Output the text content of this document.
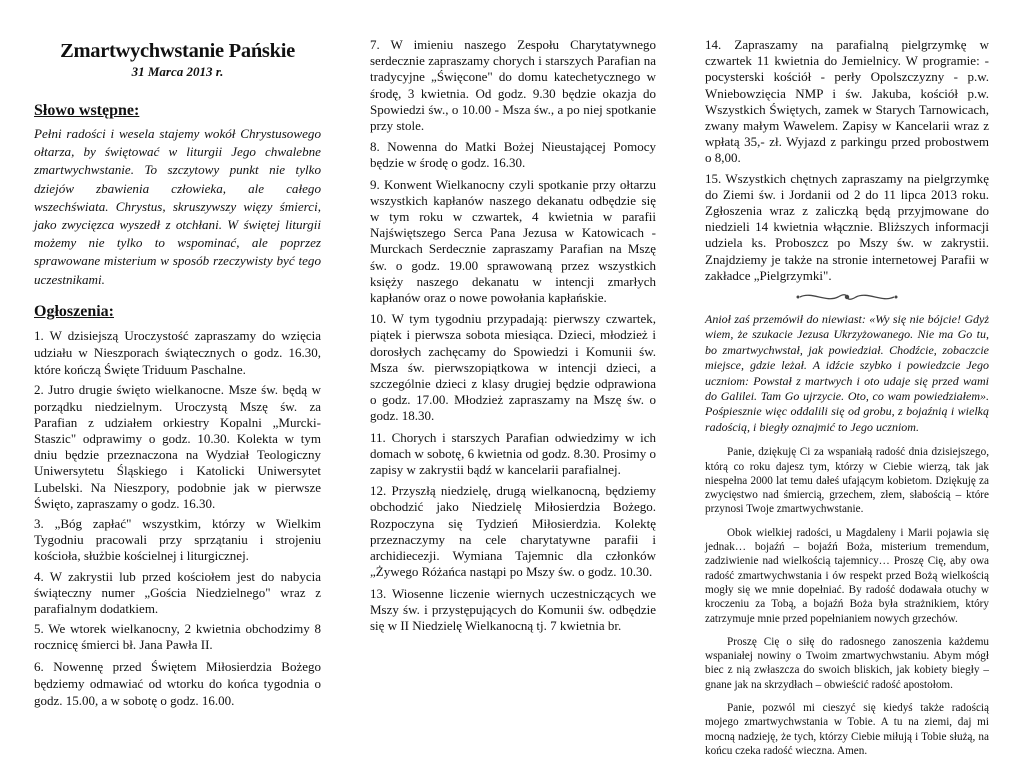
Zmartwychwstanie Pańskie
31 Marca 2013 r.
Słowo wstępne:

Pełni radości i wesela stajemy wokół Chrystusowego ołtarza, by świętować w liturgii Jego chwalebne zmartwychwstanie. To szczytowy punkt nie tylko dziejów zbawienia człowieka, ale całego wszechświata. Chrystus, skruszywszy więzy śmierci, jako zwycięzca wyszedł z otchłani. W świętej liturgii możemy nie tylko to wspominać, ale poprzez sprawowane misterium w sposób rzeczywisty być tego uczestnikami.

Ogłoszenia:

1. W dzisiejszą Uroczystość zapraszamy do wzięcia udziału w Nieszporach świątecznych o godz. 16.30, które kończą Święte Triduum Paschalne.

2. Jutro drugie święto wielkanocne. Msze św. będą w porządku niedzielnym. Uroczystą Mszę św. za Parafian z udziałem orkiestry Kopalni „Murcki-Staszic" odprawimy o godz. 10.30. Kolekta w tym dniu będzie przeznaczona na Wydział Teologiczny Uniwersytetu Śląskiego i Katolicki Uniwersytet Lubelski. Na Nieszpory, podobnie jak w pierwsze Święto, zapraszamy o godz. 16.30.

3. „Bóg zapłać" wszystkim, którzy w Wielkim Tygodniu pracowali przy sprzątaniu i strojeniu kościoła, służbie kościelnej i liturgicznej.

4. W zakrystii lub przed kościołem jest do nabycia świąteczny numer „Gościa Niedzielnego" wraz z parafialnym dodatkiem.

5. We wtorek wielkanocny, 2 kwietnia obchodzimy 8 rocznicę śmierci bł. Jana Pawła II.

6. Nowennę przed Świętem Miłosierdzia Bożego będziemy odmawiać od wtorku do końca tygodnia o godz. 15.00, a w sobotę o godz. 16.00.

7. W imieniu naszego Zespołu Charytatywnego serdecznie zapraszamy chorych i starszych Parafian na tradycyjne „Święcone" do domu katechetycznego w środę, 3 kwietnia. Od godz. 9.30 będzie okazja do Spowiedzi św., o 10.00 - Msza św., a po niej spotkanie przy stole.

8. Nowenna do Matki Bożej Nieustającej Pomocy będzie w środę o godz. 16.30.

9. Konwent Wielkanocny czyli spotkanie przy ołtarzu wszystkich kapłanów naszego dekanatu odbędzie się w tym roku w czwartek, 4 kwietnia w parafii Najświętszego Serca Pana Jezusa w Katowicach - Murckach Serdecznie zapraszamy Parafian na Mszę św. o godz. 19.00 sprawowaną przez wszystkich księży naszego dekanatu w intencji zmarłych kapłanów oraz o nowe powołania kapłańskie.

10. W tym tygodniu przypadają: pierwszy czwartek, piątek i pierwsza sobota miesiąca. Dzieci, młodzież i dorosłych zachęcamy do Spowiedzi i Komunii św. Msza św. pierwszopiątkowa w intencji dzieci, a szczególnie dzieci z klasy drugiej będzie odprawiona o godz. 17.00. Młodzież zapraszamy na Mszę św. o godz. 18.30.

11. Chorych i starszych Parafian odwiedzimy w ich domach w sobotę, 6 kwietnia od godz. 8.30. Prosimy o zapisy w zakrystii bądź w kancelarii parafialnej.

12. Przyszłą niedzielę, drugą wielkanocną, będziemy obchodzić jako Niedzielę Miłosierdzia Bożego. Rozpoczyna się Tydzień Miłosierdzia. Kolektę przeznaczymy na cele charytatywne parafii i archidiecezji. Wymiana Tajemnic dla członków „Żywego Różańca nastąpi po Mszy św. o godz. 10.30.

13. Wiosenne liczenie wiernych uczestniczących we Mszy św. i przystępujących do Komunii św. odbędzie się w II Niedzielę Wielkanocną tj. 7 kwietnia br.

14. Zapraszamy na parafialną pielgrzymkę w czwartek 11 kwietnia do Jemielnicy. W programie: - pocysterski kościół - perły Opolszczyzny - p.w. Wniebowzięcia NMP i św. Jakuba, kościół p.w. Wszystkich Świętych, zamek w Starych Tarnowicach, zwany małym Wawelem. Zapisy w Kancelarii wraz z wpłatą 35,- zł. Wyjazd z parkingu przed probostwem o 8,00.

15. Wszystkich chętnych zapraszamy na pielgrzymkę do Ziemi św. i Jordanii od 2 do 11 lipca 2013 roku. Zgłoszenia wraz z zaliczką będą przyjmowane do niedzieli 14 kwietnia włącznie. Bliższych informacji udziela ks. Proboszcz po Mszy św. w zakrystii. Znajdziemy je także na stronie internetowej Parafii w zakładce „Pielgrzymki".

Anioł zaś przemówił do niewiast: «Wy się nie bójcie! Gdyż wiem, że szukacie Jezusa Ukrzyżowanego. Nie ma Go tu, bo zmartwychwstał, jak powiedział. Chodźcie, zobaczcie miejsce, gdzie leżał. A idźcie szybko i powiedzcie Jego uczniom: Powstał z martwych i oto udaje się przed wami do Galilei. Tam Go ujrzycie. Oto, co wam powiedziałem». Pośpiesznie więc oddalili się od grobu, z bojaźnią i wielką radością, i biegły oznajmić to Jego uczniom.

Panie, dziękuję Ci za wspaniałą radość dnia dzisiejszego, którą co roku dajesz tym, którzy w Ciebie wierzą, tak jak niespełna 2000 lat temu dałeś ufającym kobietom. Dziękuję za zwycięstwo nad śmiercią, grzechem, złem, słabością – które przynosi Twoje zmartwychwstanie.

Obok wielkiej radości, u Magdaleny i Marii pojawia się jednak… bojaźń – bojaźń Boża, misterium tremendum, zadziwienie nad wielkością tajemnicy… Proszę Cię, aby owa radość zmartwychwstania i ów respekt przed Bożą wielkością mogły się we mnie dopełniać. By radość dodawała otuchy w kroczeniu za Tobą, a bojaźń Boża była strażnikiem, który zatrzymuje mnie przed popełnianiem nowych grzechów.

Proszę Cię o siłę do radosnego zanoszenia każdemu wspaniałej nowiny o Twoim zmartwychwstaniu. Abym mógł biec z nią zwłaszcza do swoich bliskich, jak kobiety biegły – gnane jak na skrzydłach – obwieścić radość apostołom.

Panie, pozwól mi cieszyć się kiedyś także radością mojego zmartwychwstania w Tobie. A tu na ziemi, daj mi mocną nadzieję, że tych, którzy Ciebie miłują i Tobie służą, na końcu czeka radość wieczna. Amen.
